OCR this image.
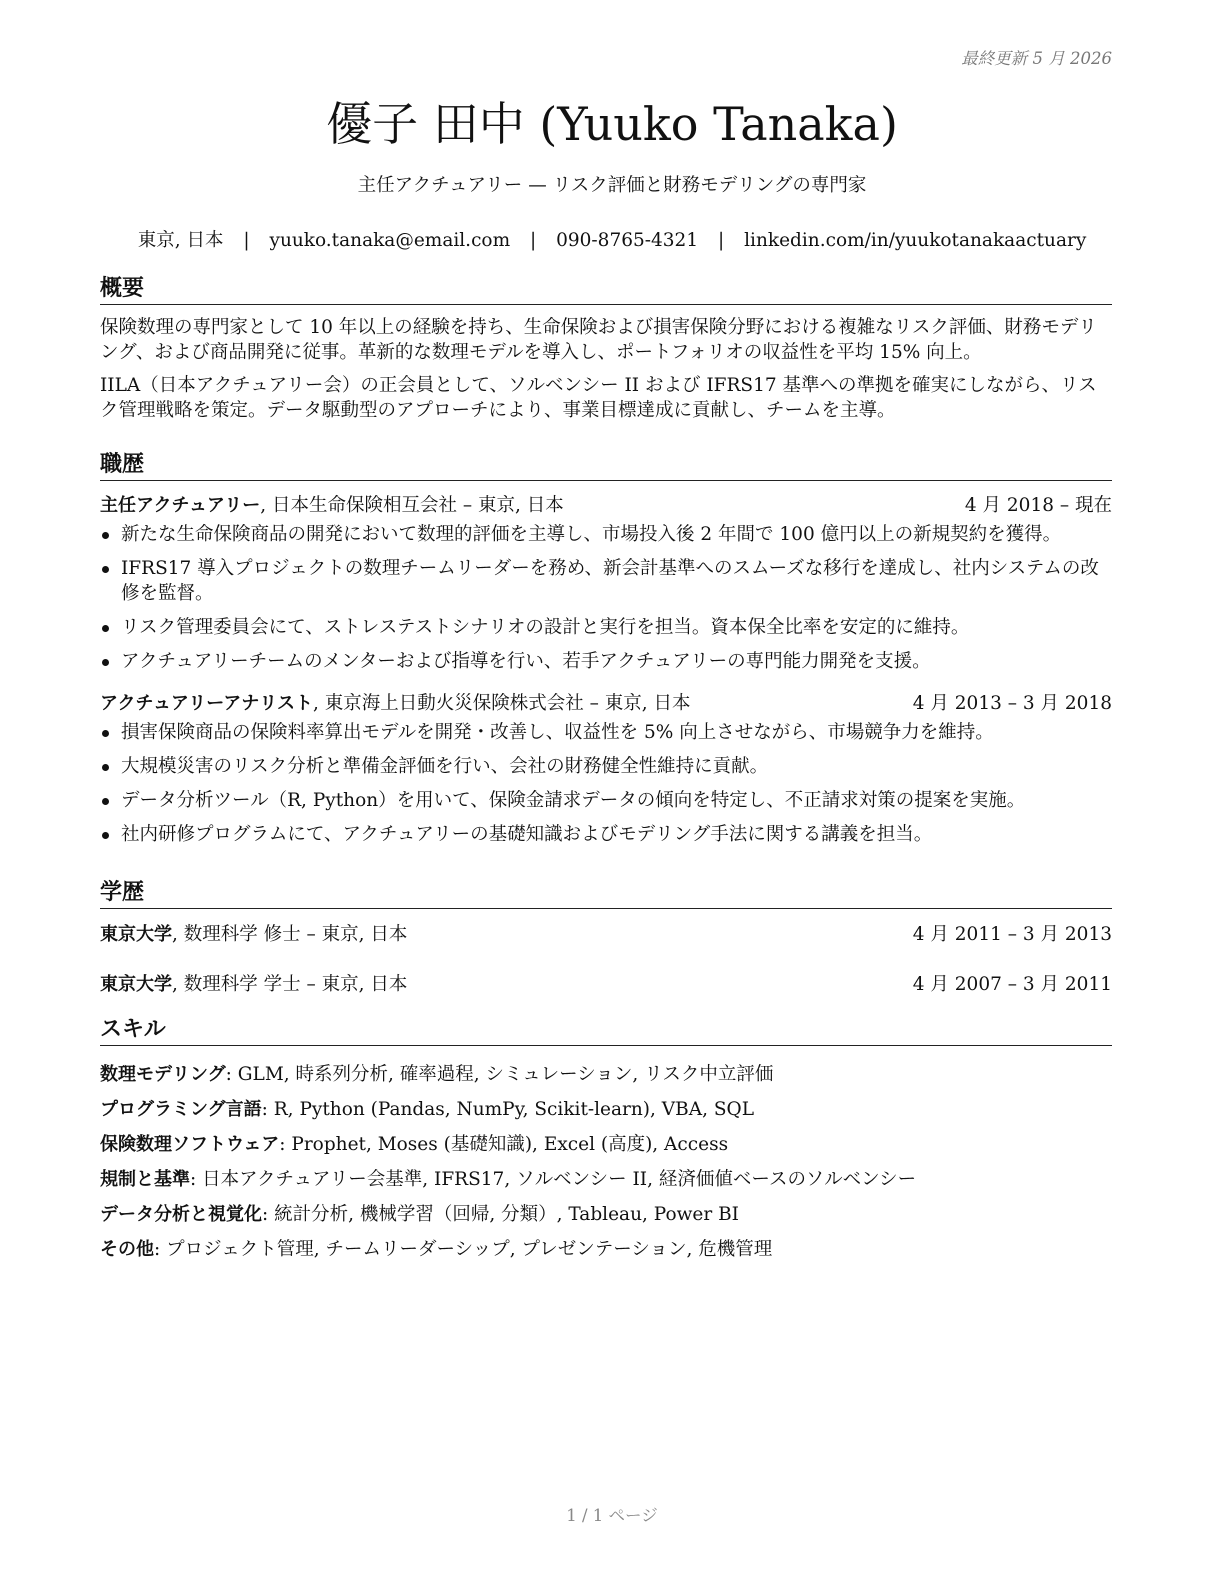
最終更新 5 月 2026
優子 田中 (Yuuko Tanaka)
主任アクチュアリー — リスク評価と財務モデリングの専門家
東京, 日本 | yuuko.tanaka@email.com | 090-8765-4321 | linkedin.com/in/yuukotanakaactuary
概要

保険数理の専門家として 10 年以上の経験を持ち、生命保険および損害保険分野における複雑なリスク評価、財務モデリング、および商品開発に従事。革新的な数理モデルを導入し、ポートフォリオの収益性を平均 15% 向上。

IILA（日本アクチュアリー会）の正会員として、ソルベンシー II および IFRS17 基準への準拠を確実にしながら、リスク管理戦略を策定。データ駆動型のアプローチにより、事業目標達成に貢献し、チームを主導。

職歴
主任アクチュアリー, 日本生命保険相互会社 – 東京, 日本	4 月 2018 – 現在
新たな生命保険商品の開発において数理的評価を主導し、市場投入後 2 年間で 100 億円以上の新規契約を獲得。
IFRS17 導入プロジェクトの数理チームリーダーを務め、新会計基準へのスムーズな移行を達成し、社内システムの改修を監督。
リスク管理委員会にて、ストレステストシナリオの設計と実行を担当。資本保全比率を安定的に維持。
アクチュアリーチームのメンターおよび指導を行い、若手アクチュアリーの専門能力開発を支援。
アクチュアリーアナリスト, 東京海上日動火災保険株式会社 – 東京, 日本	4 月 2013 – 3 月 2018
損害保険商品の保険料率算出モデルを開発・改善し、収益性を 5% 向上させながら、市場競争力を維持。
大規模災害のリスク分析と準備金評価を行い、会社の財務健全性維持に貢献。
データ分析ツール（R, Python）を用いて、保険金請求データの傾向を特定し、不正請求対策の提案を実施。
社内研修プログラムにて、アクチュアリーの基礎知識およびモデリング手法に関する講義を担当。
学歴
東京大学, 数理科学 修士 – 東京, 日本	4 月 2011 – 3 月 2013
東京大学, 数理科学 学士 – 東京, 日本	4 月 2007 – 3 月 2011
スキル
数理モデリング: GLM, 時系列分析, 確率過程, シミュレーション, リスク中立評価
プログラミング言語: R, Python (Pandas, NumPy, Scikit-learn), VBA, SQL
保険数理ソフトウェア: Prophet, Moses (基礎知識), Excel (高度), Access
規制と基準: 日本アクチュアリー会基準, IFRS17, ソルベンシー II, 経済価値ベースのソルベンシー
データ分析と視覚化: 統計分析, 機械学習（回帰, 分類）, Tableau, Power BI
その他: プロジェクト管理, チームリーダーシップ, プレゼンテーション, 危機管理
1 / 1 ページ
